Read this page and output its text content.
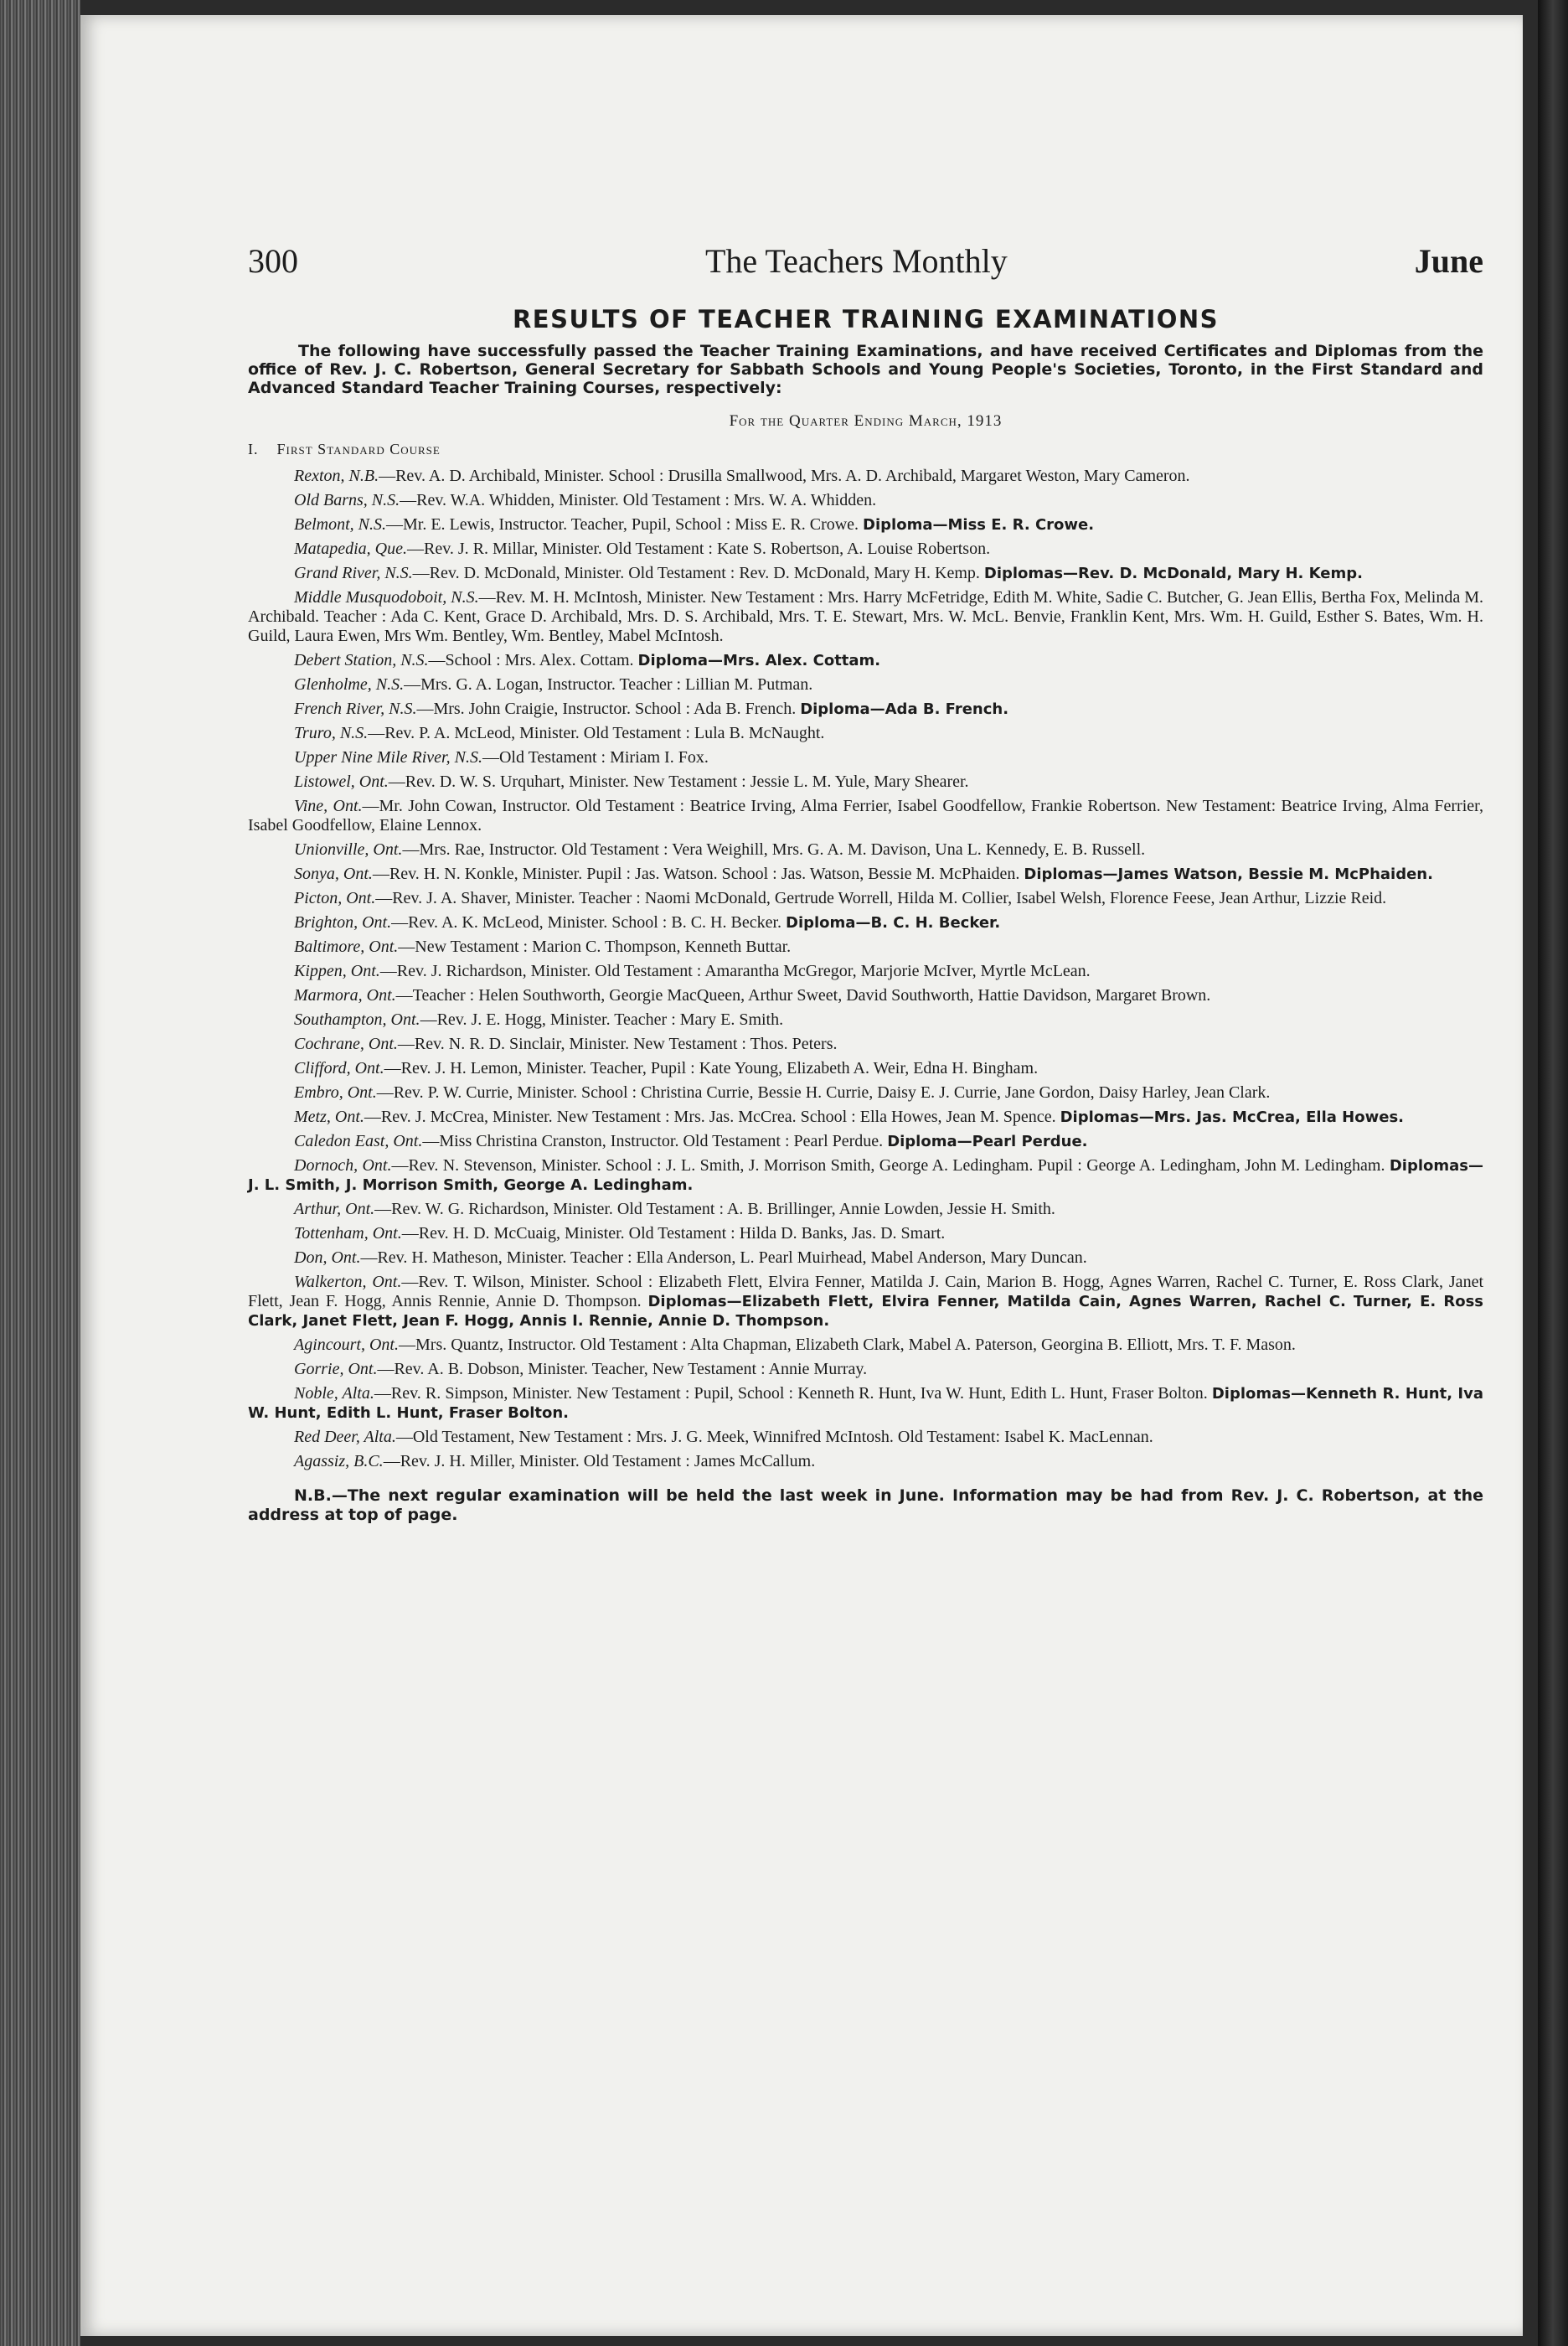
300	The Teachers Monthly	June
RESULTS OF TEACHER TRAINING EXAMINATIONS

The following have successfully passed the Teacher Training Examinations, and have received Certificates and Diplomas from the office of Rev. J. C. Robertson, General Secretary for Sabbath Schools and Young People's Societies, Toronto, in the First Standard and Advanced Standard Teacher Training Courses, respectively:

For the Quarter Ending March, 1913

I. First Standard Course

Rexton, N.B.—Rev. A. D. Archibald, Minister. School : Drusilla Smallwood, Mrs. A. D. Archibald, Margaret Weston, Mary Cameron.

Old Barns, N.S.—Rev. W.A. Whidden, Minister. Old Testament : Mrs. W. A. Whidden.

Belmont, N.S.—Mr. E. Lewis, Instructor. Teacher, Pupil, School : Miss E. R. Crowe. Diploma—Miss E. R. Crowe.

Matapedia, Que.—Rev. J. R. Millar, Minister. Old Testament : Kate S. Robertson, A. Louise Robertson.

Grand River, N.S.—Rev. D. McDonald, Minister. Old Testament : Rev. D. McDonald, Mary H. Kemp. Diplomas—Rev. D. McDonald, Mary H. Kemp.

Middle Musquodoboit, N.S.—Rev. M. H. McIntosh, Minister. New Testament : Mrs. Harry McFetridge, Edith M. White, Sadie C. Butcher, G. Jean Ellis, Bertha Fox, Melinda M. Archibald. Teacher : Ada C. Kent, Grace D. Archibald, Mrs. D. S. Archibald, Mrs. T. E. Stewart, Mrs. W. McL. Benvie, Franklin Kent, Mrs. Wm. H. Guild, Esther S. Bates, Wm. H. Guild, Laura Ewen, Mrs Wm. Bentley, Wm. Bentley, Mabel McIntosh.

Debert Station, N.S.—School : Mrs. Alex. Cottam. Diploma—Mrs. Alex. Cottam.

Glenholme, N.S.—Mrs. G. A. Logan, Instructor. Teacher : Lillian M. Putman.

French River, N.S.—Mrs. John Craigie, Instructor. School : Ada B. French. Diploma—Ada B. French.

Truro, N.S.—Rev. P. A. McLeod, Minister. Old Testament : Lula B. McNaught.

Upper Nine Mile River, N.S.—Old Testament : Miriam I. Fox.

Listowel, Ont.—Rev. D. W. S. Urquhart, Minister. New Testament : Jessie L. M. Yule, Mary Shearer.

Vine, Ont.—Mr. John Cowan, Instructor. Old Testament : Beatrice Irving, Alma Ferrier, Isabel Goodfellow, Frankie Robertson. New Testament: Beatrice Irving, Alma Ferrier, Isabel Goodfellow, Elaine Lennox.

Unionville, Ont.—Mrs. Rae, Instructor. Old Testament : Vera Weighill, Mrs. G. A. M. Davison, Una L. Kennedy, E. B. Russell.

Sonya, Ont.—Rev. H. N. Konkle, Minister. Pupil : Jas. Watson. School : Jas. Watson, Bessie M. McPhaiden. Diplomas—James Watson, Bessie M. McPhaiden.

Picton, Ont.—Rev. J. A. Shaver, Minister. Teacher : Naomi McDonald, Gertrude Worrell, Hilda M. Collier, Isabel Welsh, Florence Feese, Jean Arthur, Lizzie Reid.

Brighton, Ont.—Rev. A. K. McLeod, Minister. School : B. C. H. Becker. Diploma—B. C. H. Becker.

Baltimore, Ont.—New Testament : Marion C. Thompson, Kenneth Buttar.

Kippen, Ont.—Rev. J. Richardson, Minister. Old Testament : Amarantha McGregor, Marjorie McIver, Myrtle McLean.

Marmora, Ont.—Teacher : Helen Southworth, Georgie MacQueen, Arthur Sweet, David Southworth, Hattie Davidson, Margaret Brown.

Southampton, Ont.—Rev. J. E. Hogg, Minister. Teacher : Mary E. Smith.

Cochrane, Ont.—Rev. N. R. D. Sinclair, Minister. New Testament : Thos. Peters.

Clifford, Ont.—Rev. J. H. Lemon, Minister. Teacher, Pupil : Kate Young, Elizabeth A. Weir, Edna H. Bingham.

Embro, Ont.—Rev. P. W. Currie, Minister. School : Christina Currie, Bessie H. Currie, Daisy E. J. Currie, Jane Gordon, Daisy Harley, Jean Clark.

Metz, Ont.—Rev. J. McCrea, Minister. New Testament : Mrs. Jas. McCrea. School : Ella Howes, Jean M. Spence. Diplomas—Mrs. Jas. McCrea, Ella Howes.

Caledon East, Ont.—Miss Christina Cranston, Instructor. Old Testament : Pearl Perdue. Diploma—Pearl Perdue.

Dornoch, Ont.—Rev. N. Stevenson, Minister. School : J. L. Smith, J. Morrison Smith, George A. Ledingham. Pupil : George A. Ledingham, John M. Ledingham. Diplomas—J. L. Smith, J. Morrison Smith, George A. Ledingham.

Arthur, Ont.—Rev. W. G. Richardson, Minister. Old Testament : A. B. Brillinger, Annie Lowden, Jessie H. Smith.

Tottenham, Ont.—Rev. H. D. McCuaig, Minister. Old Testament : Hilda D. Banks, Jas. D. Smart.

Don, Ont.—Rev. H. Matheson, Minister. Teacher : Ella Anderson, L. Pearl Muirhead, Mabel Anderson, Mary Duncan.

Walkerton, Ont.—Rev. T. Wilson, Minister. School : Elizabeth Flett, Elvira Fenner, Matilda J. Cain, Marion B. Hogg, Agnes Warren, Rachel C. Turner, E. Ross Clark, Janet Flett, Jean F. Hogg, Annis Rennie, Annie D. Thompson. Diplomas—Elizabeth Flett, Elvira Fenner, Matilda Cain, Agnes Warren, Rachel C. Turner, E. Ross Clark, Janet Flett, Jean F. Hogg, Annis I. Rennie, Annie D. Thompson.

Agincourt, Ont.—Mrs. Quantz, Instructor. Old Testament : Alta Chapman, Elizabeth Clark, Mabel A. Paterson, Georgina B. Elliott, Mrs. T. F. Mason.

Gorrie, Ont.—Rev. A. B. Dobson, Minister. Teacher, New Testament : Annie Murray.

Noble, Alta.—Rev. R. Simpson, Minister. New Testament : Pupil, School : Kenneth R. Hunt, Iva W. Hunt, Edith L. Hunt, Fraser Bolton. Diplomas—Kenneth R. Hunt, Iva W. Hunt, Edith L. Hunt, Fraser Bolton.

Red Deer, Alta.—Old Testament, New Testament : Mrs. J. G. Meek, Winnifred McIntosh. Old Testament: Isabel K. MacLennan.

Agassiz, B.C.—Rev. J. H. Miller, Minister. Old Testament : James McCallum.

N.B.—The next regular examination will be held the last week in June. Information may be had from Rev. J. C. Robertson, at the address at top of page.
